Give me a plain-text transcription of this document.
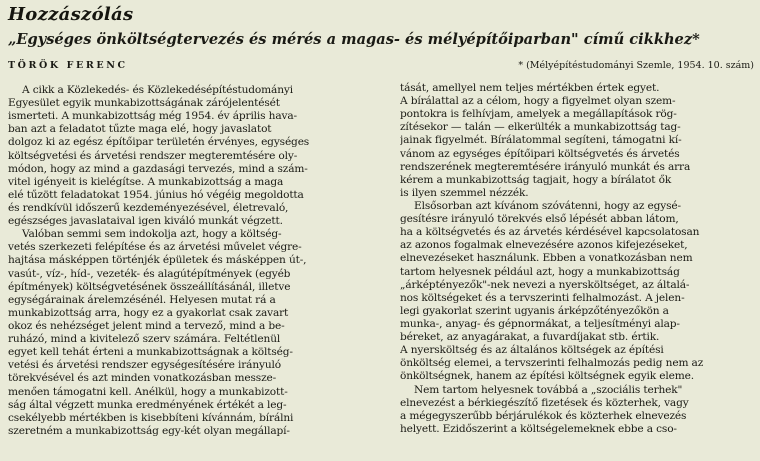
Hozzászólás
„Egységes önköltségtervezés és mérés a magas- és mélyépítőiparban" című cikkhez*
TÖRÖK FERENC	* (Mélyépítéstudományi Szemle, 1954. 10. szám)
A cikk a Közlekedés- és Közlekedésépítéstudományi
Egyesület egyik munkabizottságának zárójelentését
ismerteti. A munkabizottság még 1954. év április hava-
ban azt a feladatot tűzte maga elé, hogy javaslatot
dolgoz ki az egész építőipar területén érvényes, egységes
költségvetési és árvetési rendszer megteremtésére oly-
módon, hogy az mind a gazdasági tervezés, mind a szám-
vitel igényeit is kielégítse. A munkabizottság a maga
elé tűzött feladatokat 1954. június hó végéig megoldotta
és rendkívül időszerű kezdeményezésével, életrevaló,
egészséges javaslataival igen kiváló munkát végzett.
Valóban semmi sem indokolja azt, hogy a költség-
vetés szerkezeti felépítése és az árvetési művelet végre-
hajtása másképpen történjék épületek és másképpen út-,
vasút-, víz-, híd-, vezeték- és alagútépítmények (egyéb
építmények) költségvetésének összeállításánál, illetve
egységárainak árelemzésénél. Helyesen mutat rá a
munkabizottság arra, hogy ez a gyakorlat csak zavart
okoz és nehézséget jelent mind a tervező, mind a be-
ruházó, mind a kivitelező szerv számára. Feltétlenül
egyet kell tehát érteni a munkabizottságnak a költség-
vetési és árvetési rendszer egységesítésére irányuló
törekvésével és azt minden vonatkozásban messze-
menően támogatni kell. Anélkül, hogy a munkabizott-
ság által végzett munka eredményének értékét a leg-
csekélyebb mértékben is kisebbíteni kívánnám, bírálni
szeretném a munkabizottság egy-két olyan megállapí-
tását, amellyel nem teljes mértékben értek egyet.
A bírálattal az a célom, hogy a figyelmet olyan szem-
pontokra is felhívjam, amelyek a megállapítások rög-
zítésekor — talán — elkerülték a munkabizottság tag-
jainak figyelmét. Bírálatommal segíteni, támogatni kí-
vánom az egységes építőipari költségvetés és árvetés
rendszerének megteremtésére irányuló munkát és arra
kérem a munkabizottság tagjait, hogy a bírálatot ők
is ilyen szemmel nézzék.
Elsősorban azt kívánom szóvátenni, hogy az egysé-
gesítésre irányuló törekvés első lépését abban látom,
ha a költségvetés és az árvetés kérdésével kapcsolatosan
az azonos fogalmak elnevezésére azonos kifejezéseket,
elnevezéseket használunk. Ebben a vonatkozásban nem
tartom helyesnek például azt, hogy a munkabizottság
„árképtényezők"-nek nevezi a nyersköltséget, az általá-
nos költségeket és a tervszerinti felhalmozást. A jelen-
legi gyakorlat szerint ugyanis árképzőtényezőkön a
munka-, anyag- és gépnormákat, a teljesítményi alap-
béreket, az anyagárakat, a fuvardíjakat stb. értik.
A nyersköltség és az általános költségek az építési
önköltség elemei, a tervszerinti felhalmozás pedig nem az
önköltségnek, hanem az építési költségnek egyik eleme.
Nem tartom helyesnek továbbá a „szociális terhek"
elnevezést a bérkiegészítő fizetések és közterhek, vagy
a mégegyszerűbb bérjárulékok és közterhek elnevezés
helyett. Ezidőszerint a költségelemeknek ebbe a cso-
